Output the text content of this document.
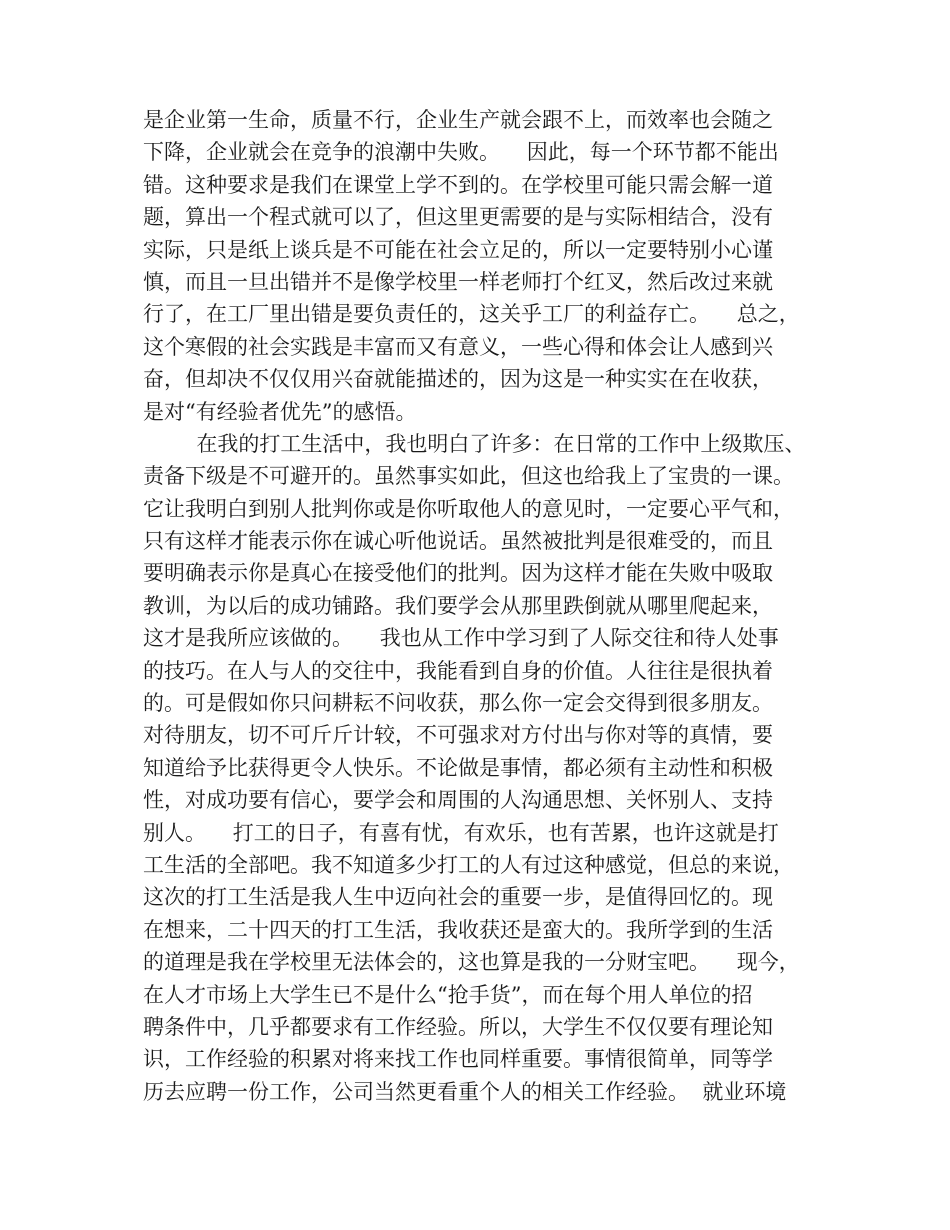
是企业第一生命，质量不行，企业生产就会跟不上，而效率也会随之
下降，企业就会在竞争的浪潮中失败。    因此，每一个环节都不能出
错。这种要求是我们在课堂上学不到的。在学校里可能只需会解一道
题，算出一个程式就可以了，但这里更需要的是与实际相结合，没有
实际，只是纸上谈兵是不可能在社会立足的，所以一定要特别小心谨
慎，而且一旦出错并不是像学校里一样老师打个红叉，然后改过来就
行了，在工厂里出错是要负责任的，这关乎工厂的利益存亡。    总之，
这个寒假的社会实践是丰富而又有意义，一些心得和体会让人感到兴
奋，但却决不仅仅用兴奋就能描述的，因为这是一种实实在在收获，
是对“有经验者优先”的感悟。
在我的打工生活中，我也明白了许多：在日常的工作中上级欺压、
责备下级是不可避开的。虽然事实如此，但这也给我上了宝贵的一课。
它让我明白到别人批判你或是你听取他人的意见时，一定要心平气和，
只有这样才能表示你在诚心听他说话。虽然被批判是很难受的，而且
要明确表示你是真心在接受他们的批判。因为这样才能在失败中吸取
教训，为以后的成功铺路。我们要学会从那里跌倒就从哪里爬起来，
这才是我所应该做的。    我也从工作中学习到了人际交往和待人处事
的技巧。在人与人的交往中，我能看到自身的价值。人往往是很执着
的。可是假如你只问耕耘不问收获，那么你一定会交得到很多朋友。
对待朋友，切不可斤斤计较，不可强求对方付出与你对等的真情，要
知道给予比获得更令人快乐。不论做是事情，都必须有主动性和积极
性，对成功要有信心，要学会和周围的人沟通思想、关怀别人、支持
别人。    打工的日子，有喜有忧，有欢乐，也有苦累，也许这就是打
工生活的全部吧。我不知道多少打工的人有过这种感觉，但总的来说，
这次的打工生活是我人生中迈向社会的重要一步，是值得回忆的。现
在想来，二十四天的打工生活，我收获还是蛮大的。我所学到的生活
的道理是我在学校里无法体会的，这也算是我的一分财宝吧。    现今，
在人才市场上大学生已不是什么“抢手货”，而在每个用人单位的招
聘条件中，几乎都要求有工作经验。所以，大学生不仅仅要有理论知
识，工作经验的积累对将来找工作也同样重要。事情很简单，同等学
历去应聘一份工作，公司当然更看重个人的相关工作经验。  就业环境
